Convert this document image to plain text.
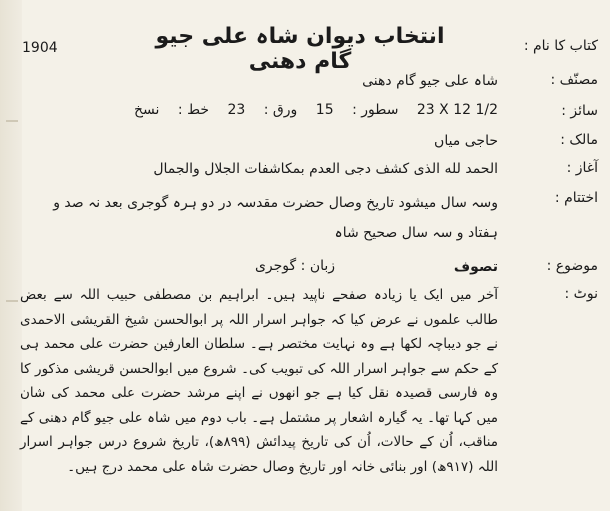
1904	انتخاب دیوان شاہ علی جیو گام دھنی
کتاب کا نام :
مصنّف :
سائز :
مالک :
آغاز :
اختتام :
موضوع :
نوٹ :
شاہ علی جیو گام دھنی
23 X 12 1/2 سطور : 15 ورق : 23 خط : نسخ
حاجی میاں
الحمد لله الذی کشف دجی العدم بمکاشفات الجلال والجمال
وسہ سال میشود تاریخ وصال حضرت مقدسہ در دو ہرہ گوجری بعد نہ صد و ہفتاد و سہ سال صحیح شاہ
تصوف
زبان : گوجری

آخر میں ایک یا زیادہ صفحے ناپید ہیں۔ ابراہیم بن مصطفی حبیب اللہ سے بعض طالب علموں نے عرض کیا کہ جواہر اسرار اللہ پر ابوالحسن شیخ القریشی الاحمدی نے جو دیباچہ لکھا ہے وہ نہایت مختصر ہے۔ سلطان العارفین حضرت علی محمد ہی کے حکم سے جواہر اسرار اللہ کی تبویب کی۔ شروع میں ابوالحسن قریشی مذکور کا وہ فارسی قصیدہ نقل کیا ہے جو انھوں نے اپنے مرشد حضرت علی محمد کی شان میں کہا تھا۔ یہ گیارہ اشعار پر مشتمل ہے۔ باب دوم میں شاہ علی جیو گام دھنی کے مناقب، اُن کے حالات، اُن کی تاریخ پیدائش (۸۹۹ھ)، تاریخ شروع درس جواہر اسرار اللہ (۹۱۷ھ) اور بنائی خانہ اور تاریخ وصال حضرت شاہ علی محمد درج ہیں۔
